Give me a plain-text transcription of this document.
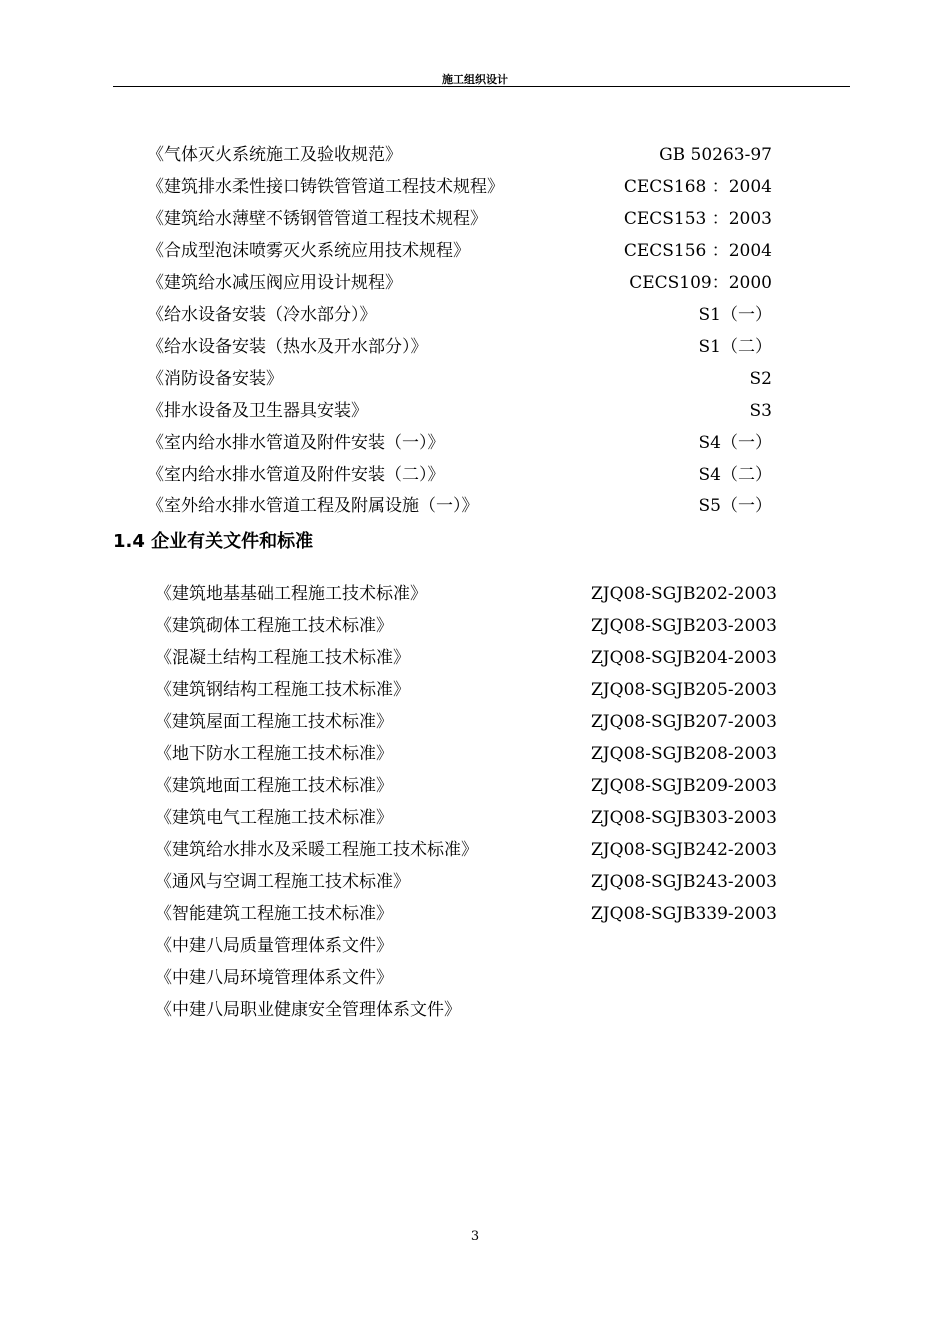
施工组织设计
《气体灭火系统施工及验收规范》	GB 50263-97
《建筑排水柔性接口铸铁管管道工程技术规程》	CECS168 ：2004
《建筑给水薄壁不锈钢管管道工程技术规程》	CECS153 ：2003
《合成型泡沫喷雾灭火系统应用技术规程》	CECS156 ：2004
《建筑给水减压阀应用设计规程》	CECS109：2000
《给水设备安装（冷水部分）》	S1（一）
《给水设备安装（热水及开水部分）》	S1（二）
《消防设备安装》	S2
《排水设备及卫生器具安装》	S3
《室内给水排水管道及附件安装（一）》	S4（一）
《室内给水排水管道及附件安装（二）》	S4（二）
《室外给水排水管道工程及附属设施（一）》	S5（一）
1.4 企业有关文件和标准
《建筑地基基础工程施工技术标准》	ZJQ08-SGJB202-2003
《建筑砌体工程施工技术标准》	ZJQ08-SGJB203-2003
《混凝土结构工程施工技术标准》	ZJQ08-SGJB204-2003
《建筑钢结构工程施工技术标准》	ZJQ08-SGJB205-2003
《建筑屋面工程施工技术标准》	ZJQ08-SGJB207-2003
《地下防水工程施工技术标准》	ZJQ08-SGJB208-2003
《建筑地面工程施工技术标准》	ZJQ08-SGJB209-2003
《建筑电气工程施工技术标准》	ZJQ08-SGJB303-2003
《建筑给水排水及采暖工程施工技术标准》	ZJQ08-SGJB242-2003
《通风与空调工程施工技术标准》	ZJQ08-SGJB243-2003
《智能建筑工程施工技术标准》	ZJQ08-SGJB339-2003
《中建八局质量管理体系文件》
《中建八局环境管理体系文件》
《中建八局职业健康安全管理体系文件》
3
